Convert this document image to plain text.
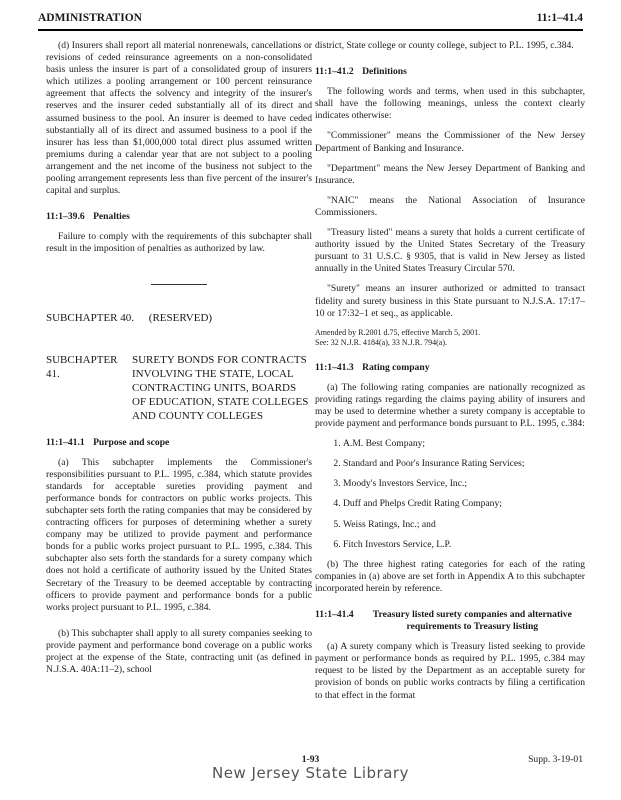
ADMINISTRATION	11:1–41.4

(d) Insurers shall report all material nonrenewals, cancellations or revisions of ceded reinsurance agreements on a non-consolidated basis unless the insurer is part of a consolidated group of insurers which utilizes a pooling arrangement or 100 percent reinsurance agreement that affects the solvency and integrity of the insurer's reserves and the insurer ceded substantially all of its direct and assumed business to the pool. An insurer is deemed to have ceded substantially all of its direct and assumed business to a pool if the insurer has less than $1,000,000 total direct plus assumed written premiums during a calendar year that are not subject to a pooling arrangement and the net income of the business not subject to the pooling arrangement represents less than five percent of the insurer's capital and surplus.

11:1–39.6 Penalties

Failure to comply with the requirements of this subchapter shall result in the imposition of penalties as authorized by law.

SUBCHAPTER 40. (RESERVED)
SUBCHAPTER 41.
SURETY BONDS FOR CONTRACTS INVOLVING THE STATE, LOCAL CONTRACTING UNITS, BOARDS OF EDUCATION, STATE COLLEGES AND COUNTY COLLEGES
11:1–41.1 Purpose and scope

(a) This subchapter implements the Commissioner's responsibilities pursuant to P.L. 1995, c.384, which statute provides standards for acceptable sureties providing payment and performance bonds for contractors on public works projects. This subchapter sets forth the rating companies that may be considered by contracting officers for purposes of determining whether a surety company may be utilized to provide payment and performance bonds for a public works project pursuant to P.L. 1995, c.384. This subchapter also sets forth the standards for a surety company which does not hold a certificate of authority issued by the United States Secretary of the Treasury to be deemed acceptable by contracting officers to provide payment and performance bonds for a public works project pursuant to P.L. 1995, c.384.

(b) This subchapter shall apply to all surety companies seeking to provide payment and performance bond coverage on a public works project at the expense of the State, contracting unit (as defined in N.J.S.A. 40A:11–2), school

district, State college or county college, subject to P.L. 1995, c.384.

11:1–41.2 Definitions

The following words and terms, when used in this subchapter, shall have the following meanings, unless the context clearly indicates otherwise:

"Commissioner" means the Commissioner of the New Jersey Department of Banking and Insurance.

"Department" means the New Jersey Department of Banking and Insurance.

"NAIC" means the National Association of Insurance Commissioners.

"Treasury listed" means a surety that holds a current certificate of authority issued by the United States Secretary of the Treasury pursuant to 31 U.S.C. § 9305, that is valid in New Jersey as listed annually in the United States Treasury Circular 570.

"Surety" means an insurer authorized or admitted to transact fidelity and surety business in this State pursuant to N.J.S.A. 17:17–10 or 17:32–1 et seq., as applicable.

Amended by R.2001 d.75, effective March 5, 2001.
See: 32 N.J.R. 4184(a), 33 N.J.R. 794(a).
11:1–41.3 Rating company

(a) The following rating companies are nationally recognized as providing ratings regarding the claims paying ability of insurers and may be used to determine whether a surety company is acceptable to provide payment and performance bonds pursuant to P.L. 1995, c.384:

1. A.M. Best Company;
2. Standard and Poor's Insurance Rating Services;
3. Moody's Investors Service, Inc.;
4. Duff and Phelps Credit Rating Company;
5. Weiss Ratings, Inc.; and
6. Fitch Investors Service, L.P.

(b) The three highest rating categories for each of the rating companies in (a) above are set forth in Appendix A to this subchapter incorporated herein by reference.

11:1–41.4	Treasury listed surety companies and alternative requirements to Treasury listing

(a) A surety company which is Treasury listed seeking to provide payment or performance bonds as required by P.L. 1995, c.384 may request to be listed by the Department as an acceptable surety for provision of bonds on public works contracts by filing a certification to that effect in the format

1-93	Supp. 3-19-01
New Jersey State Library
